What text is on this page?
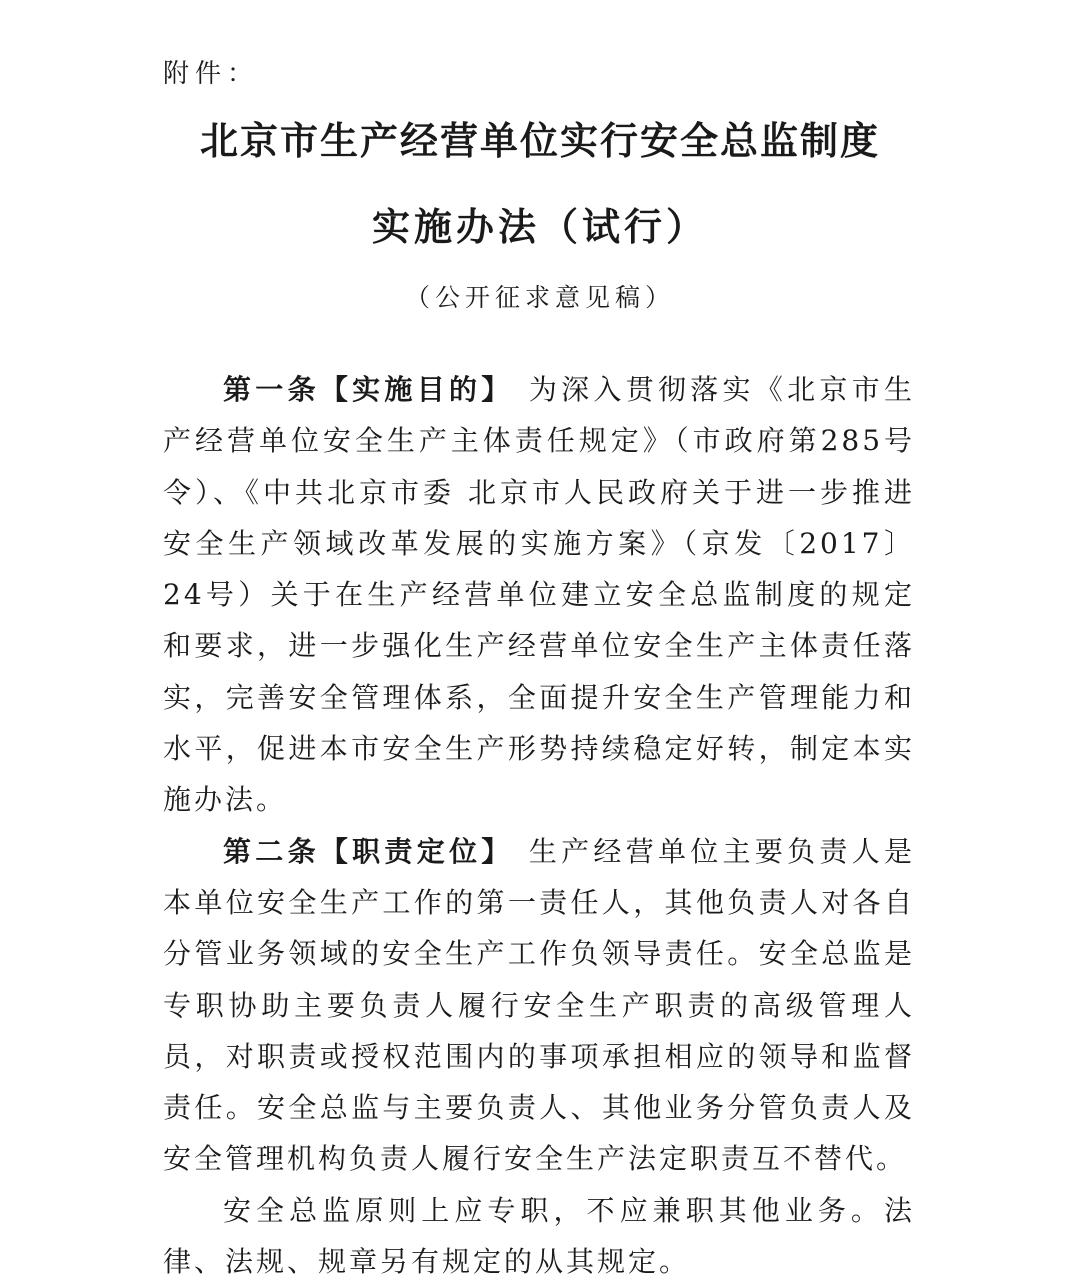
附件：
北京市生产经营单位实行安全总监制度
实施办法（试行）
（公开征求意见稿）

第一条【实施目的】 为深入贯彻落实《北京市生产经营单位安全生产主体责任规定》（市政府第285号令）、《中共北京市委 北京市人民政府关于进一步推进安全生产领域改革发展的实施方案》（京发〔2017〕24号）关于在生产经营单位建立安全总监制度的规定和要求，进一步强化生产经营单位安全生产主体责任落实，完善安全管理体系，全面提升安全生产管理能力和水平，促进本市安全生产形势持续稳定好转，制定本实施办法。

第二条【职责定位】 生产经营单位主要负责人是本单位安全生产工作的第一责任人，其他负责人对各自分管业务领域的安全生产工作负领导责任。安全总监是专职协助主要负责人履行安全生产职责的高级管理人员，对职责或授权范围内的事项承担相应的领导和监督责任。安全总监与主要负责人、其他业务分管负责人及安全管理机构负责人履行安全生产法定职责互不替代。

安全总监原则上应专职，不应兼职其他业务。法律、法规、规章另有规定的从其规定。
